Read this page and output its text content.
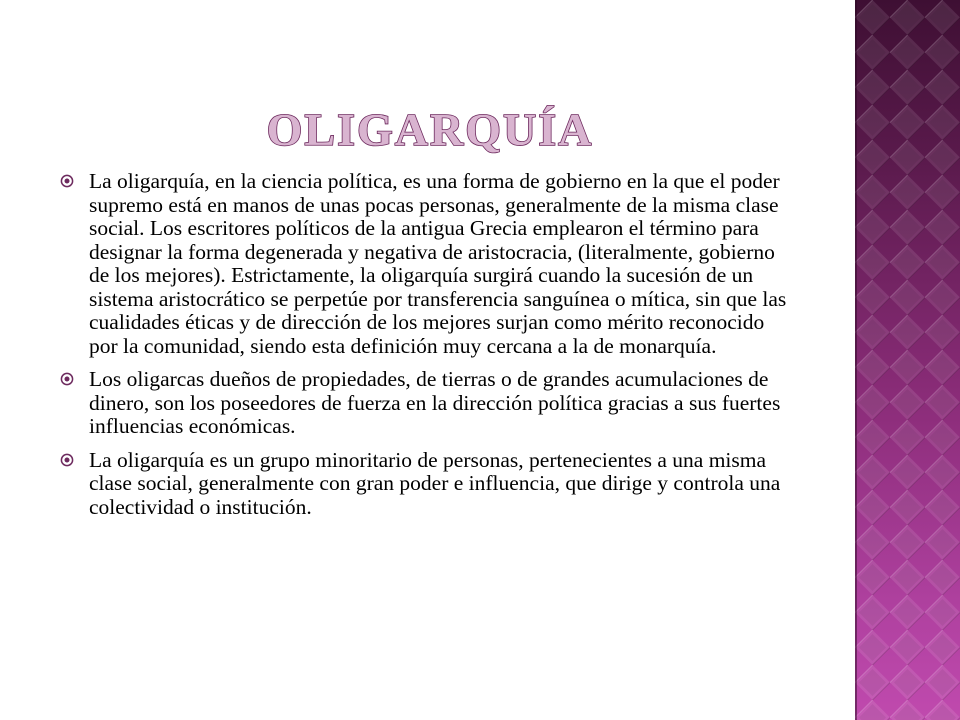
OLIGARQUÍA
La oligarquía, en la ciencia política, es una forma de gobierno en la que el poder supremo está en manos de unas pocas personas, generalmente de la misma clase social. Los escritores políticos de la antigua Grecia emplearon el término para designar la forma degenerada y negativa de aristocracia, (literalmente, gobierno de los mejores). Estrictamente, la oligarquía surgirá cuando la sucesión de un sistema aristocrático se perpetúe por transferencia sanguínea o mítica, sin que las cualidades éticas y de dirección de los mejores surjan como mérito reconocido por la comunidad, siendo esta definición muy cercana a la de monarquía.
Los oligarcas dueños de propiedades, de tierras o de grandes acumulaciones de dinero, son los poseedores de fuerza en la dirección política gracias a sus fuertes influencias económicas.
La oligarquía es un grupo minoritario de personas, pertenecientes a una misma clase social, generalmente con gran poder e influencia, que dirige y controla una colectividad o institución.
